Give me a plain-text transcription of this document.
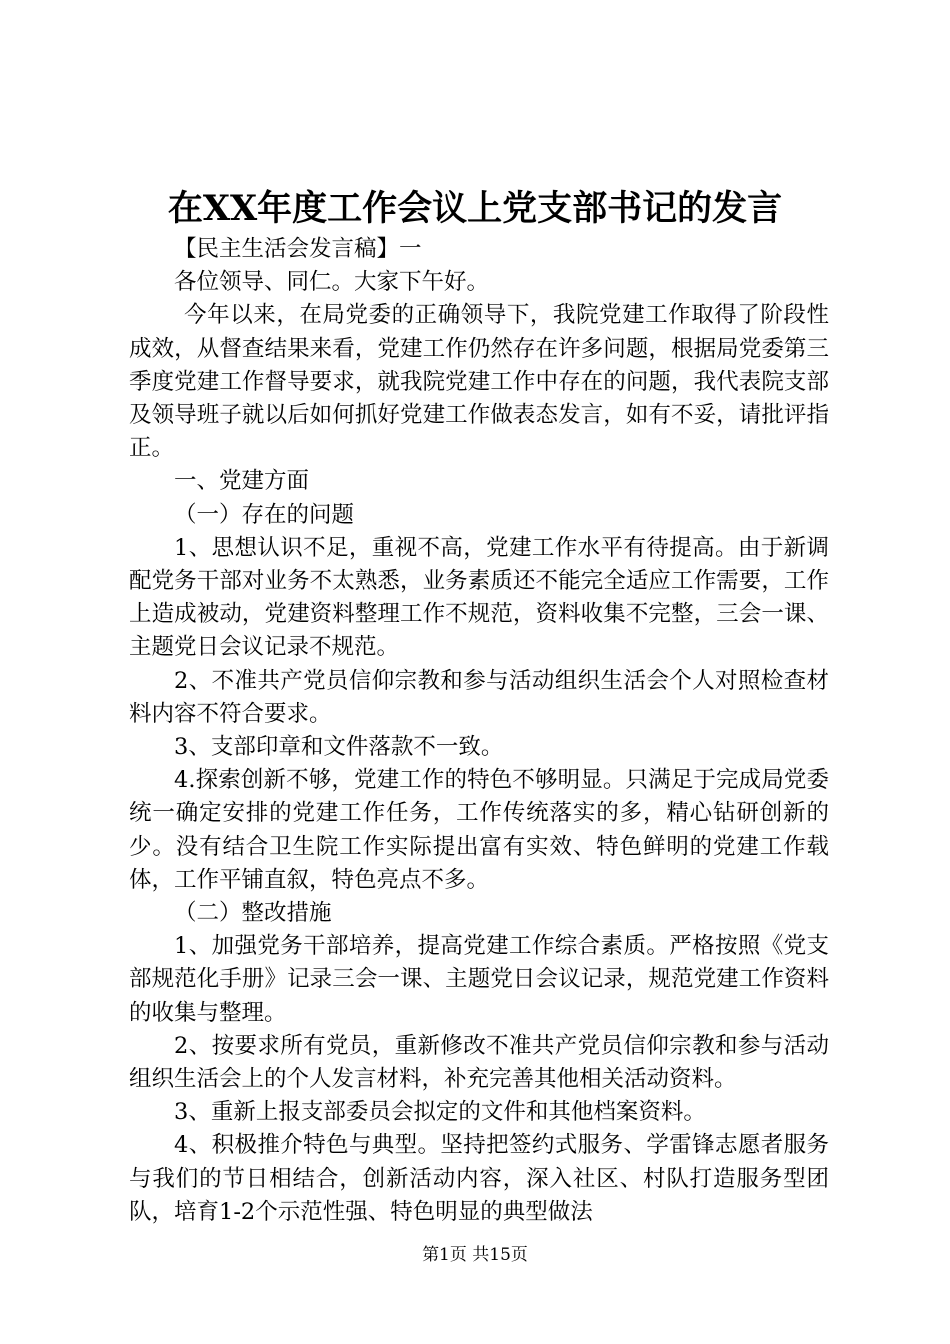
在XX年度工作会议上党支部书记的发言

【民主生活会发言稿】一

各位领导、同仁。大家下午好。

今年以来，在局党委的正确领导下，我院党建工作取得了阶段性成效，从督查结果来看，党建工作仍然存在许多问题，根据局党委第三季度党建工作督导要求，就我院党建工作中存在的问题，我代表院支部及领导班子就以后如何抓好党建工作做表态发言，如有不妥，请批评指正。

一、党建方面

（一）存在的问题

1、思想认识不足，重视不高，党建工作水平有待提高。由于新调配党务干部对业务不太熟悉，业务素质还不能完全适应工作需要，工作上造成被动，党建资料整理工作不规范，资料收集不完整，三会一课、主题党日会议记录不规范。

2、不准共产党员信仰宗教和参与活动组织生活会个人对照检查材料内容不符合要求。

3、支部印章和文件落款不一致。

4.探索创新不够，党建工作的特色不够明显。只满足于完成局党委统一确定安排的党建工作任务，工作传统落实的多，精心钻研创新的少。没有结合卫生院工作实际提出富有实效、特色鲜明的党建工作载体，工作平铺直叙，特色亮点不多。

（二）整改措施

1、加强党务干部培养，提高党建工作综合素质。严格按照《党支部规范化手册》记录三会一课、主题党日会议记录，规范党建工作资料的收集与整理。

2、按要求所有党员，重新修改不准共产党员信仰宗教和参与活动组织生活会上的个人发言材料，补充完善其他相关活动资料。

3、重新上报支部委员会拟定的文件和其他档案资料。

4、积极推介特色与典型。坚持把签约式服务、学雷锋志愿者服务与我们的节日相结合，创新活动内容，深入社区、村队打造服务型团队，培育1-2个示范性强、特色明显的典型做法

第1页 共15页
